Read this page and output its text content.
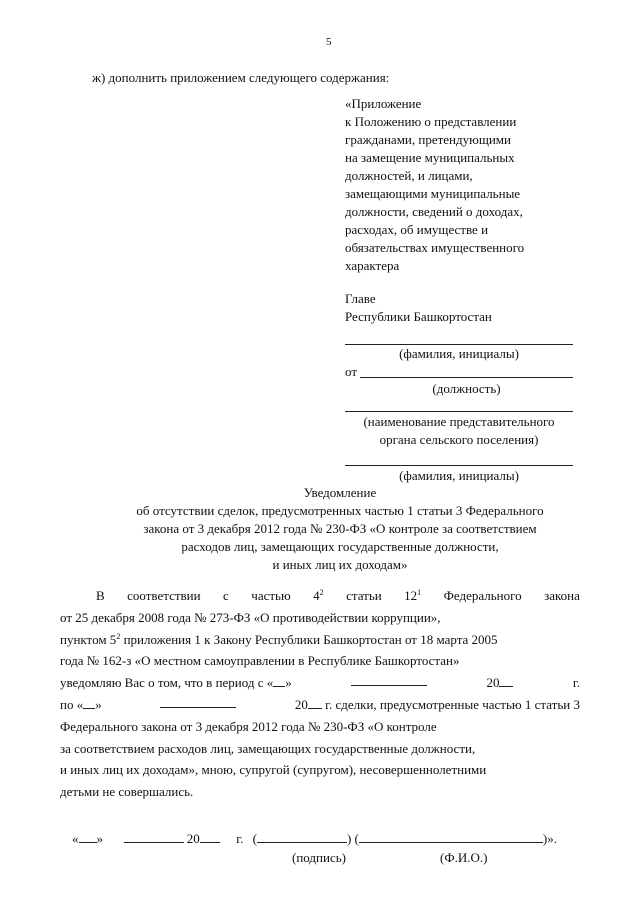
5
ж) дополнить приложением следующего содержания:
«Приложение
к Положению о представлении
гражданами, претендующими
на замещение муниципальных
должностей, и лицами,
замещающими муниципальные
должности, сведений о доходах,
расходах, об имуществе и
обязательствах имущественного
характера
Главе
Республики Башкортостан
(фамилия, инициалы)
от
(должность)
(наименование представительного
органа сельского поселения)
(фамилия, инициалы)
Уведомление
об отсутствии сделок, предусмотренных частью 1 статьи 3 Федерального
закона от 3 декабря 2012 года № 230-ФЗ «О контроле за соответствием
расходов лиц, замещающих государственные должности,
и иных лиц их доходам»
В соответствии с частью $4^2$ статьи $12^1$ Федерального закона
от 25 декабря 2008 года № 273-ФЗ «О противодействии коррупции»,
пунктом $5^2$ приложения 1 к Закону Республики Башкортостан от 18 марта 2005
года № 162-з «О местном самоуправлении в Республике Башкортостан»
уведомляю Вас о том, что в период с « »	20	г.
по « »	20 г. сделки, предусмотренные частью 1 статьи 3
Федерального закона от 3 декабря 2012 года № 230-ФЗ «О контроле
за соответствием расходов лиц, замещающих государственные должности,
и иных лиц их доходам», мною, супругой (супругом), несовершеннолетними
детьми не совершались.
« »	20	г. (	) (	)».
(подпись)	(Ф.И.О.)
